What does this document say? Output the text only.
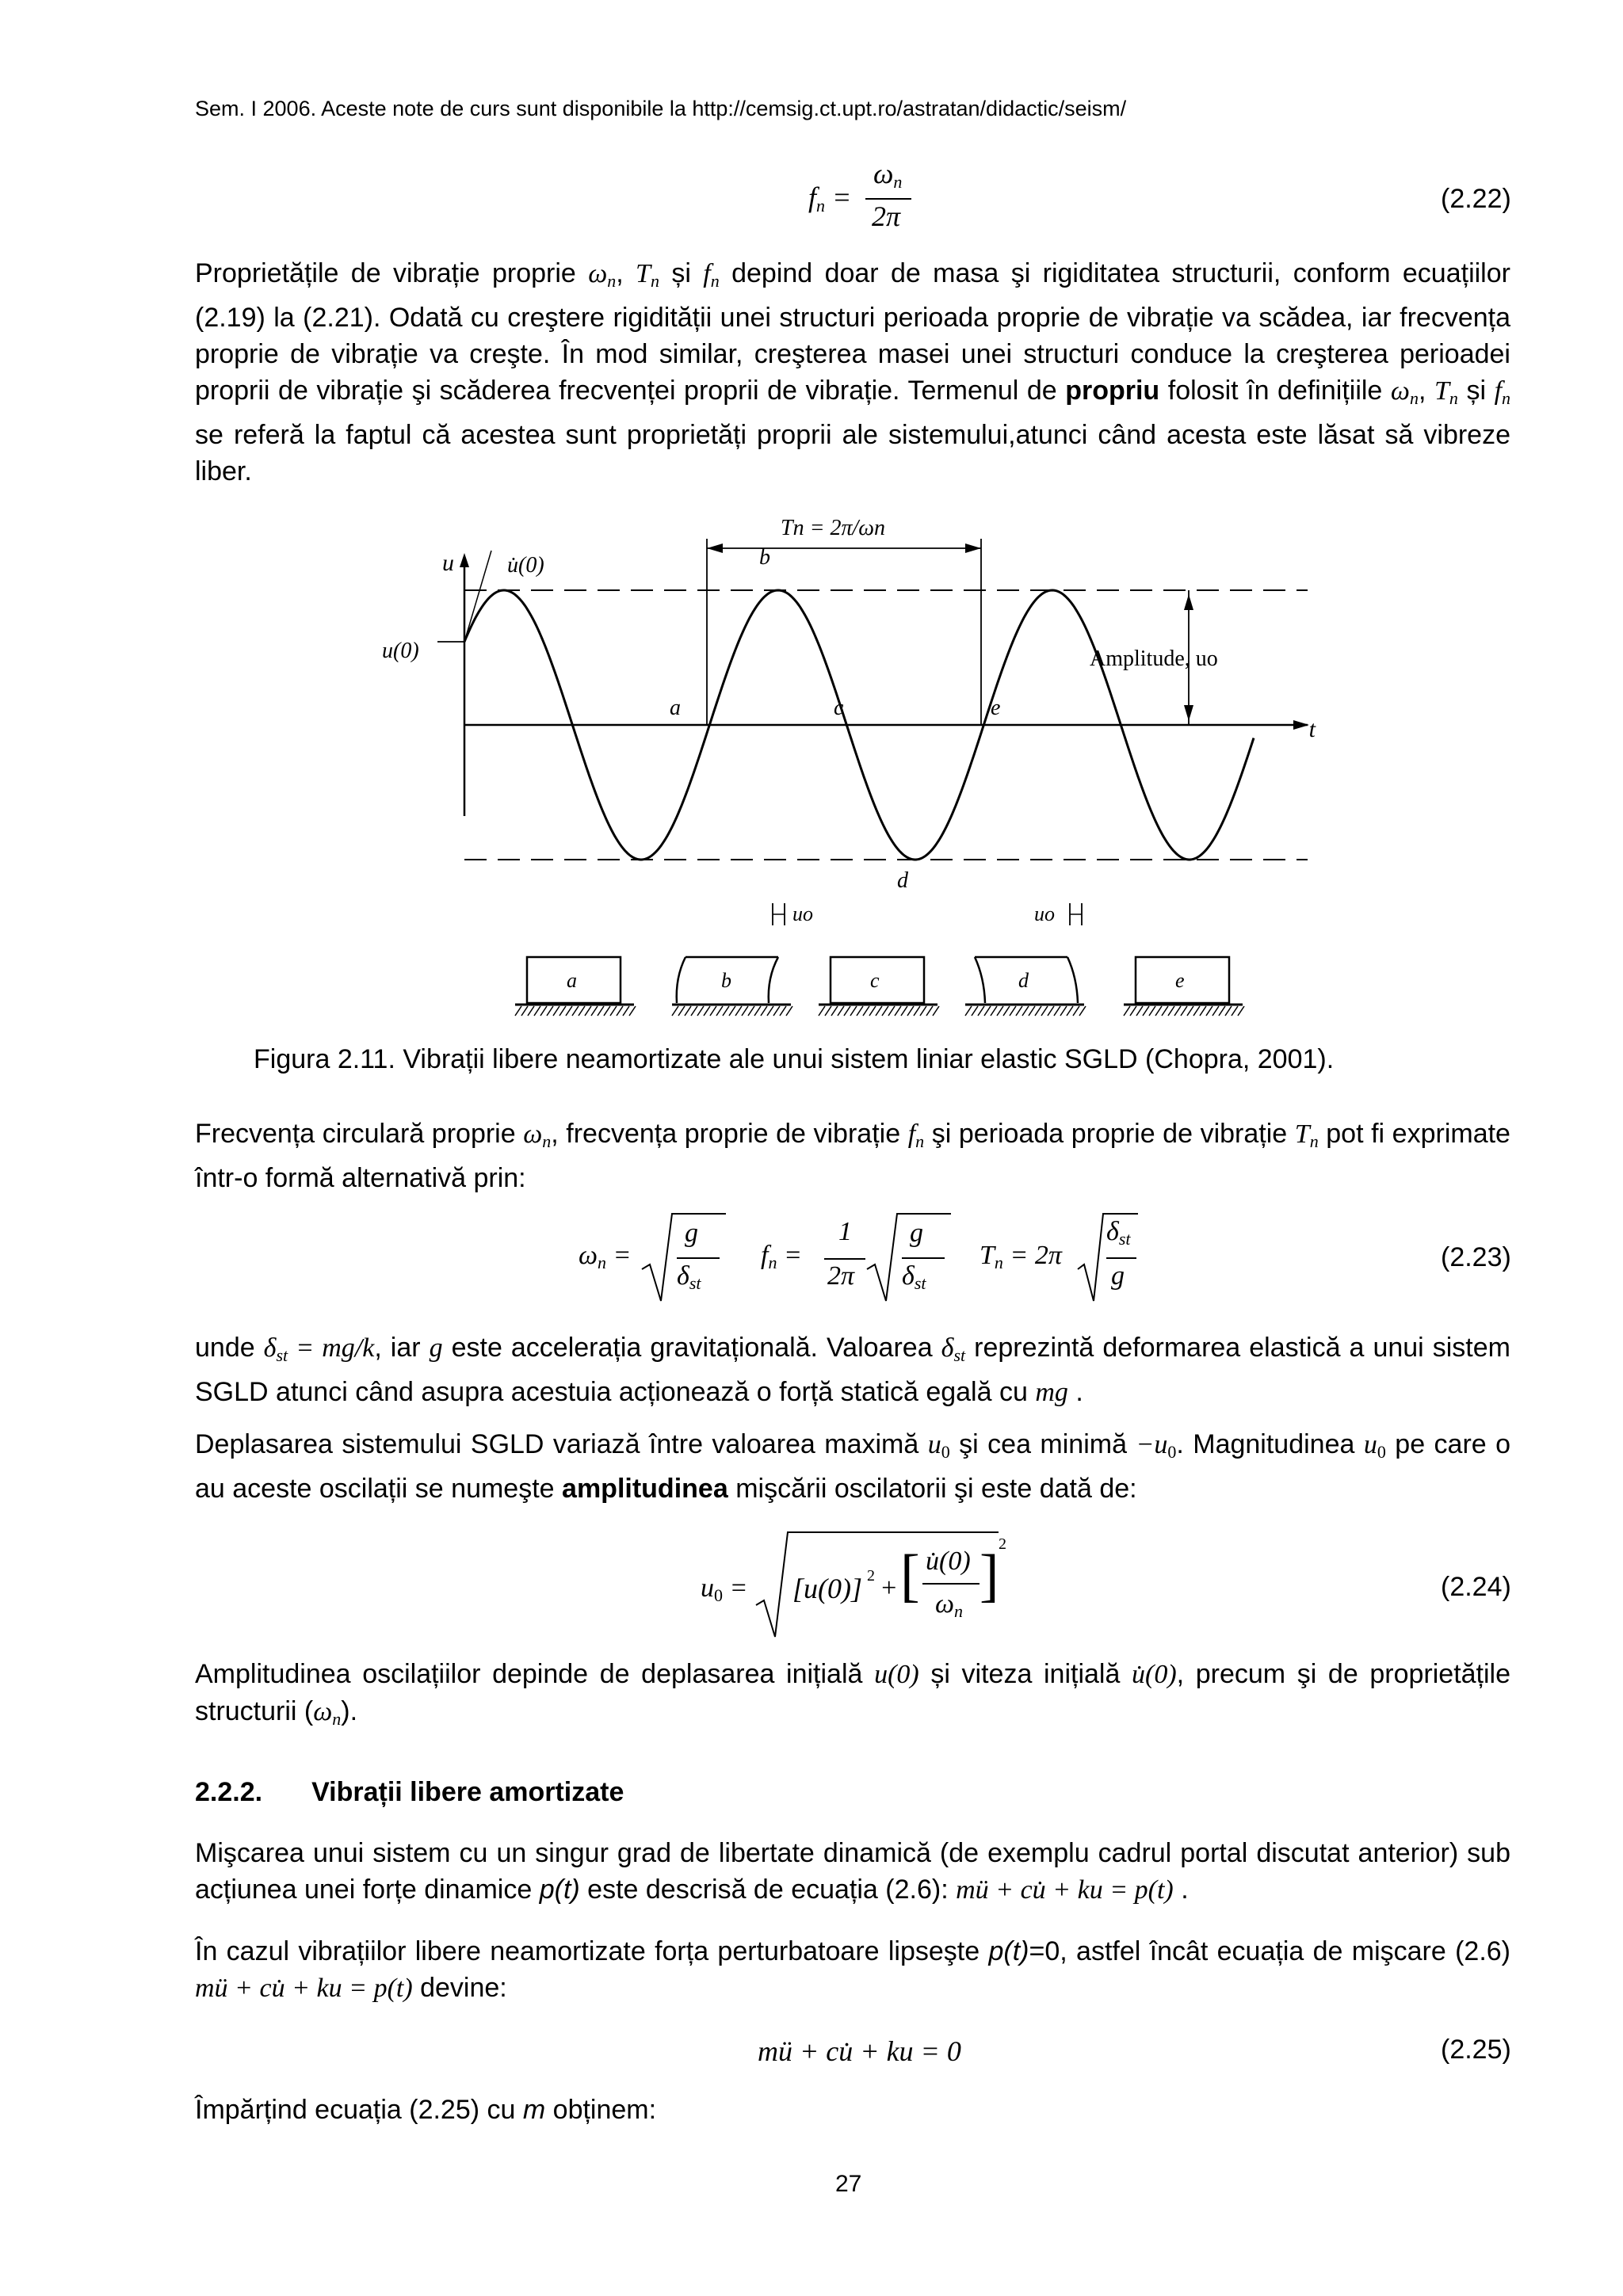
Sem. I 2006. Aceste note de curs sunt disponibile la http://cemsig.ct.upt.ro/astratan/didactic/seism/
$f_n$ =
$\omega_n$
2π
(2.22)
Proprietățile de vibrație proprie $\omega_n$, $T_n$ și $f_n$ depind doar de masa şi rigiditatea structurii, conform ecuațiilor (2.19) la (2.21). Odată cu creştere rigidității unei structuri perioada proprie de vibrație va scădea, iar frecvența proprie de vibrație va creşte. În mod similar, creşterea masei unei structuri conduce la creşterea perioadei proprii de vibrație şi scăderea frecvenței proprii de vibrație. Termenul de propriu folosit în definițiile $\omega_n$, $T_n$ și $f_n$ se referă la faptul că acestea sunt proprietăți proprii ale sistemului,atunci când acesta este lăsat să vibreze liber.
u u̇(0)
u(0)
t
Tn = 2π/ωn
Amplitude, uo
a
b
c
d
e
uo	uo
a	b	c	d	e
Figura 2.11. Vibrații libere neamortizate ale unui sistem liniar elastic SGLD (Chopra, 2001).
Frecvența circulară proprie $\omega_n$, frecvența proprie de vibrație $f_n$ şi perioada proprie de vibrație $T_n$ pot fi exprimate într-o formă alternativă prin:
$\omega_n$ =
g
$\delta_{st}$
$f_n$ =
1
2π
g
$\delta_{st}$
$T_n = 2\pi$
$\delta_{st}$
g
(2.23)
unde $\delta_{st} = mg/k$, iar g este accelerația gravitațională. Valoarea $\delta_{st}$ reprezintă deformarea elastică a unui sistem SGLD atunci când asupra acestuia acționează o forță statică egală cu mg .
Deplasarea sistemului SGLD variază între valoarea maximă $u_0$ şi cea minimă $-u_0$. Magnitudinea $u_0$ pe care o au aceste oscilații se numeşte amplitudinea mişcării oscilatorii şi este dată de:
$u_0 = [u(0)] 2$ + [ u̇(0)
$\omega_n$
] 2
(2.24)
Amplitudinea oscilațiilor depinde de deplasarea inițială u(0) și viteza inițială u̇(0), precum şi de proprietățile structurii $(\omega_n)$.
2.2.2. Vibrații libere amortizate
Mişcarea unui sistem cu un singur grad de libertate dinamică (de exemplu cadrul portal discutat anterior) sub acțiunea unei forțe dinamice p(t) este descrisă de ecuația (2.6): mü + cu̇ + ku = p(t) .
În cazul vibrațiilor libere neamortizate forța perturbatoare lipseşte p(t)=0, astfel încât ecuația de mişcare (2.6) mü + cu̇ + ku = p(t) devine:
mü + cu̇ + ku = 0	(2.25)
Împărțind ecuația (2.25) cu m obținem:
27
